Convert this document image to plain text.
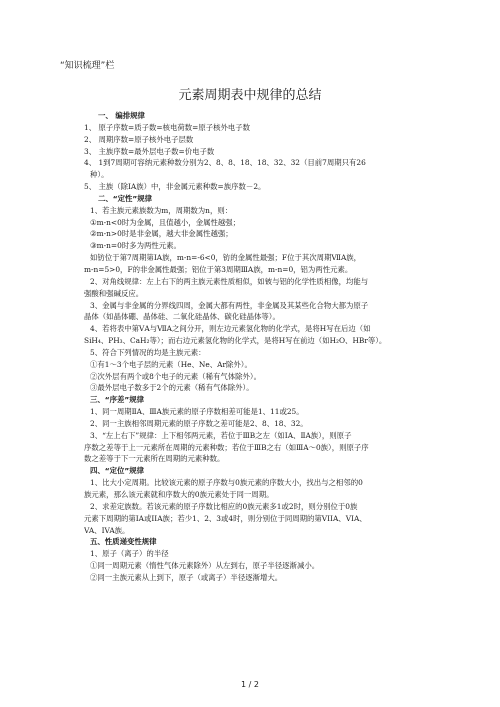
“知识梳理”栏
元素周期表中规律的总结
一、 编排规律
1、 原子序数=质子数=核电荷数=原子核外电子数
2、 周期序数=原子核外电子层数
3、 主族序数=最外层电子数=价电子数
4、 1到7周期可容纳元素种数分别为2、8、8、18、18、32、32（目前7周期只有26
种）。
5、 主族（除ⅠA族）中，非金属元素种数=族序数－2。
二、“定性”规律
1、若主族元素族数为m，周期数为n，则：
①m-n<0时为金属，且值越小，金属性越强；
②m-n>0时是非金属，越大非金属性越强；
③m-n=0时多为两性元素。
如钫位于第7周期第ⅠA族，m-n=-6<0，钫的金属性最强；F位于其次周期ⅦA族，
m-n=5>0，F的非金属性最强；铝位于第3周期ⅢA族，m-n=0，铝为两性元素。
2、对角线规律：左上右下的两主族元素性质相似，如铍与铝的化学性质相像，均能与
强酸和强碱反应。
3、金属与非金属的分界线四周，金属大都有两性，非金属及其某些化合物大都为原子
晶体（如晶体硼、晶体硅、二氧化硅晶体、碳化硅晶体等）。
4、若将表中第ⅤA与ⅦA之间分开，则左边元素氢化物的化学式，是将H写在后边（如
SiH₄、PH₃、CaH₂等）；而右边元素氢化物的化学式，是将H写在前边（如H₂O、HBr等）。
5、符合下列情况的均是主族元素：
①有1～3个电子层的元素（He、Ne、Ar除外）。
②次外层有两个或8个电子的元素（稀有气体除外）。
③最外层电子数多于2个的元素（稀有气体除外）。
三、“序差”规律
1、同一周期ⅡA、ⅢA族元素的原子序数相差可能是1、11或25。
2、同一主族相邻周期元素的原子序数之差可能是2、8、18、32。
3、“左上右下”规律：上下相邻两元素，若位于ⅢB之左（如ⅠA、ⅡA族），则原子
序数之差等于上一元素所在周期的元素种数；若位于ⅢB之右（如ⅢA～0族），则原子序
数之差等于下一元素所在周期的元素种数。
四、“定位”规律
1、比大小定周期。比较该元素的原子序数与0族元素的序数大小，找出与之相邻的0
族元素，那么该元素就和序数大的0族元素处于同一周期。
2、求差定族数。若该元素的原子序数比相应的0族元素多1或2时，则分别位于0族
元素下周期的第IA或IIA族；若少1、2、3或4时，则分别位于同周期的第VIIA、VIA、
VA、IVA族。
五、性质递变性规律
1、原子（离子）的半径
①同一周期元素（惰性气体元素除外）从左到右，原子半径逐渐减小。
②同一主族元素从上到下，原子（或离子）半径逐渐增大。
1 / 2
